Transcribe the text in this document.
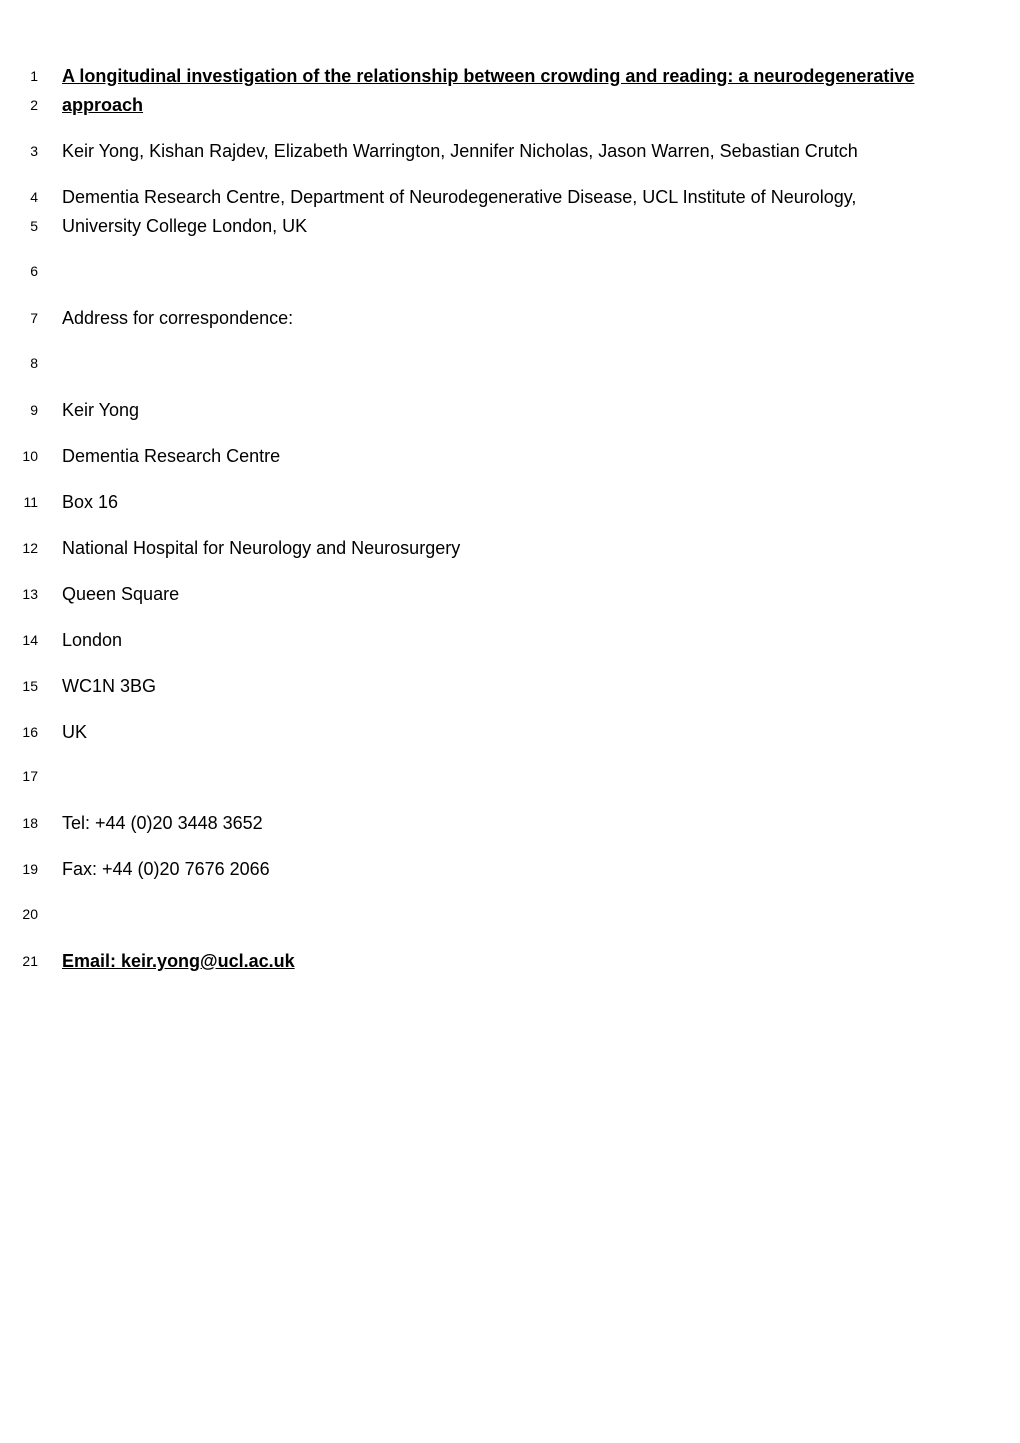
1 A longitudinal investigation of the relationship between crowding and reading: a neurodegenerative
2 approach
3 Keir Yong, Kishan Rajdev, Elizabeth Warrington, Jennifer Nicholas, Jason Warren, Sebastian Crutch
4 Dementia Research Centre, Department of Neurodegenerative Disease, UCL Institute of Neurology,
5 University College London, UK
6
7 Address for correspondence:
8
9 Keir Yong
10 Dementia Research Centre
11 Box 16
12 National Hospital for Neurology and Neurosurgery
13 Queen Square
14 London
15 WC1N 3BG
16 UK
17
18 Tel: +44 (0)20 3448 3652
19 Fax: +44 (0)20 7676 2066
20
21 Email: keir.yong@ucl.ac.uk
